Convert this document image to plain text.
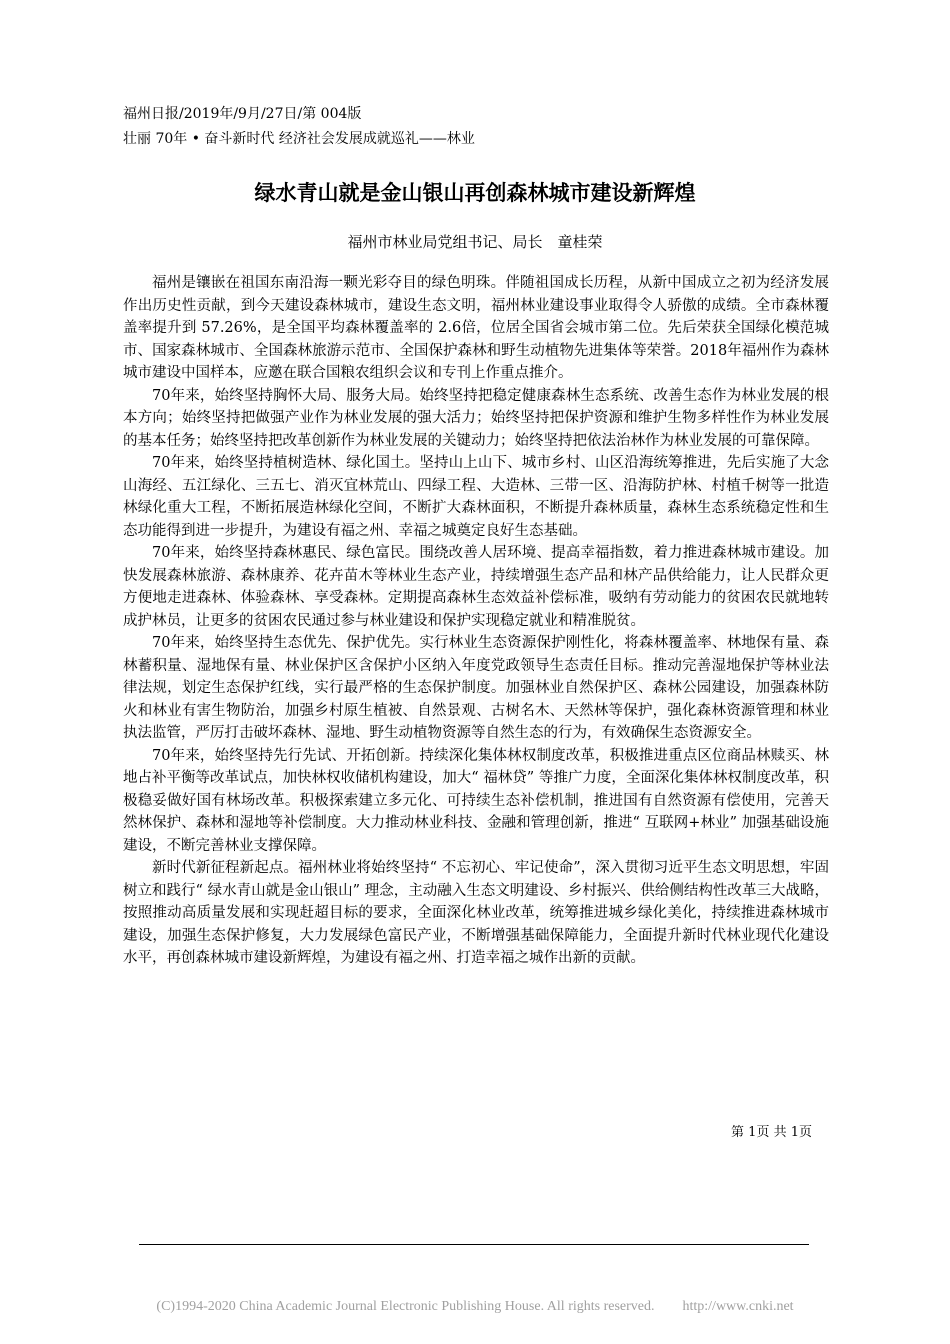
福州日报/2019年/9月/27日/第 004版
壮丽 70年 • 奋斗新时代 经济社会发展成就巡礼——林业
绿水青山就是金山银山再创森林城市建设新辉煌
福州市林业局党组书记、局长　童桂荣

福州是镶嵌在祖国东南沿海一颗光彩夺目的绿色明珠。伴随祖国成长历程，从新中国成立之初为经济发展作出历史性贡献，到今天建设森林城市，建设生态文明，福州林业建设事业取得令人骄傲的成绩。全市森林覆盖率提升到 57.26%，是全国平均森林覆盖率的 2.6倍，位居全国省会城市第二位。先后荣获全国绿化模范城市、国家森林城市、全国森林旅游示范市、全国保护森林和野生动植物先进集体等荣誉。2018年福州作为森林城市建设中国样本，应邀在联合国粮农组织会议和专刊上作重点推介。

70年来，始终坚持胸怀大局、服务大局。始终坚持把稳定健康森林生态系统、改善生态作为林业发展的根本方向；始终坚持把做强产业作为林业发展的强大活力；始终坚持把保护资源和维护生物多样性作为林业发展的基本任务；始终坚持把改革创新作为林业发展的关键动力；始终坚持把依法治林作为林业发展的可靠保障。

70年来，始终坚持植树造林、绿化国土。坚持山上山下、城市乡村、山区沿海统筹推进，先后实施了大念山海经、五江绿化、三五七、消灭宜林荒山、四绿工程、大造林、三带一区、沿海防护林、村植千树等一批造林绿化重大工程，不断拓展造林绿化空间，不断扩大森林面积，不断提升森林质量，森林生态系统稳定性和生态功能得到进一步提升，为建设有福之州、幸福之城奠定良好生态基础。

70年来，始终坚持森林惠民、绿色富民。围绕改善人居环境、提高幸福指数，着力推进森林城市建设。加快发展森林旅游、森林康养、花卉苗木等林业生态产业，持续增强生态产品和林产品供给能力，让人民群众更方便地走进森林、体验森林、享受森林。定期提高森林生态效益补偿标准，吸纳有劳动能力的贫困农民就地转成护林员，让更多的贫困农民通过参与林业建设和保护实现稳定就业和精准脱贫。

70年来，始终坚持生态优先、保护优先。实行林业生态资源保护刚性化，将森林覆盖率、林地保有量、森林蓄积量、湿地保有量、林业保护区含保护小区纳入年度党政领导生态责任目标。推动完善湿地保护等林业法律法规，划定生态保护红线，实行最严格的生态保护制度。加强林业自然保护区、森林公园建设，加强森林防火和林业有害生物防治，加强乡村原生植被、自然景观、古树名木、天然林等保护，强化森林资源管理和林业执法监管，严厉打击破坏森林、湿地、野生动植物资源等自然生态的行为，有效确保生态资源安全。

70年来，始终坚持先行先试、开拓创新。持续深化集体林权制度改革，积极推进重点区位商品林赎买、林地占补平衡等改革试点，加快林权收储机构建设，加大“ 福林贷” 等推广力度，全面深化集体林权制度改革，积极稳妥做好国有林场改革。积极探索建立多元化、可持续生态补偿机制，推进国有自然资源有偿使用，完善天然林保护、森林和湿地等补偿制度。大力推动林业科技、金融和管理创新，推进“ 互联网+林业” 加强基础设施建设，不断完善林业支撑保障。

新时代新征程新起点。福州林业将始终坚持“ 不忘初心、牢记使命”，深入贯彻习近平生态文明思想，牢固树立和践行“ 绿水青山就是金山银山” 理念，主动融入生态文明建设、乡村振兴、供给侧结构性改革三大战略，按照推动高质量发展和实现赶超目标的要求，全面深化林业改革，统筹推进城乡绿化美化，持续推进森林城市建设，加强生态保护修复，大力发展绿色富民产业，不断增强基础保障能力，全面提升新时代林业现代化建设水平，再创森林城市建设新辉煌，为建设有福之州、打造幸福之城作出新的贡献。

第 1页 共 1页
(C)1994-2020 China Academic Journal Electronic Publishing House. All rights reserved.　　http://www.cnki.net
